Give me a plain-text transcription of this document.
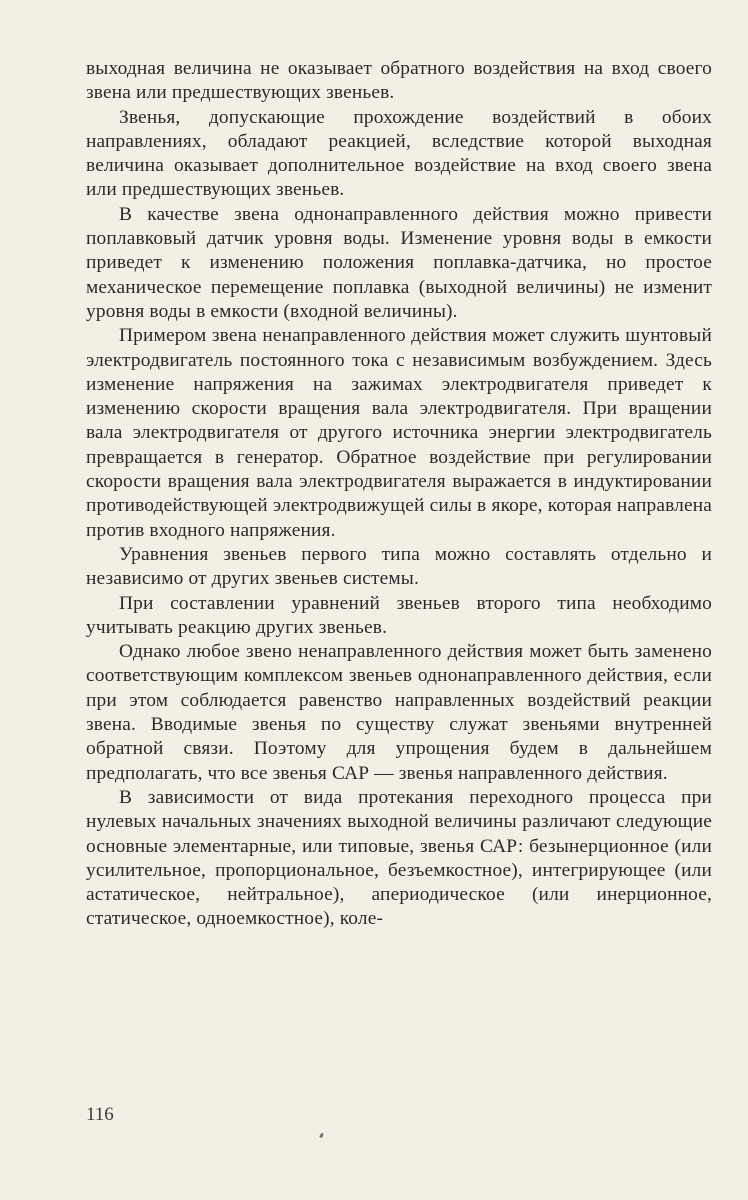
выходная величина не оказывает обратного воздействия на вход своего звена или предшествующих звеньев.

Звенья, допускающие прохождение воздействий в обоих направлениях, обладают реакцией, вследствие которой выходная величина оказывает дополнительное воздействие на вход своего звена или предшествующих звеньев.

В качестве звена однонаправленного действия можно привести поплавковый датчик уровня воды. Изменение уровня воды в емкости приведет к изменению положения поплавка-датчика, но простое механическое перемещение поплавка (выходной величины) не изменит уровня воды в емкости (входной величины).

Примером звена ненаправленного действия может служить шунтовый электродвигатель постоянного тока с независимым возбуждением. Здесь изменение напряжения на зажимах электродвигателя приведет к изменению скорости вращения вала электродвигателя. При вращении вала электродвигателя от другого источника энергии электродвигатель превращается в генератор. Обратное воздействие при регулировании скорости вращения вала электродвигателя выражается в индуктировании противодействующей электродвижущей силы в якоре, которая направлена против входного напряжения.

Уравнения звеньев первого типа можно составлять отдельно и независимо от других звеньев системы.

При составлении уравнений звеньев второго типа необходимо учитывать реакцию других звеньев.

Однако любое звено ненаправленного действия может быть заменено соответствующим комплексом звеньев однонаправленного действия, если при этом соблюдается равенство направленных воздействий реакции звена. Вводимые звенья по существу служат звеньями внутренней обратной связи. Поэтому для упрощения будем в дальнейшем предполагать, что все звенья САР — звенья направленного действия.

В зависимости от вида протекания переходного процесса при нулевых начальных значениях выходной величины различают следующие основные элементарные, или типовые, звенья САР: безынерционное (или усилительное, пропорциональное, безъемкостное), интегрирующее (или астатическое, нейтральное), апериодическое (или инерционное, статическое, одноемкостное), коле-

116
